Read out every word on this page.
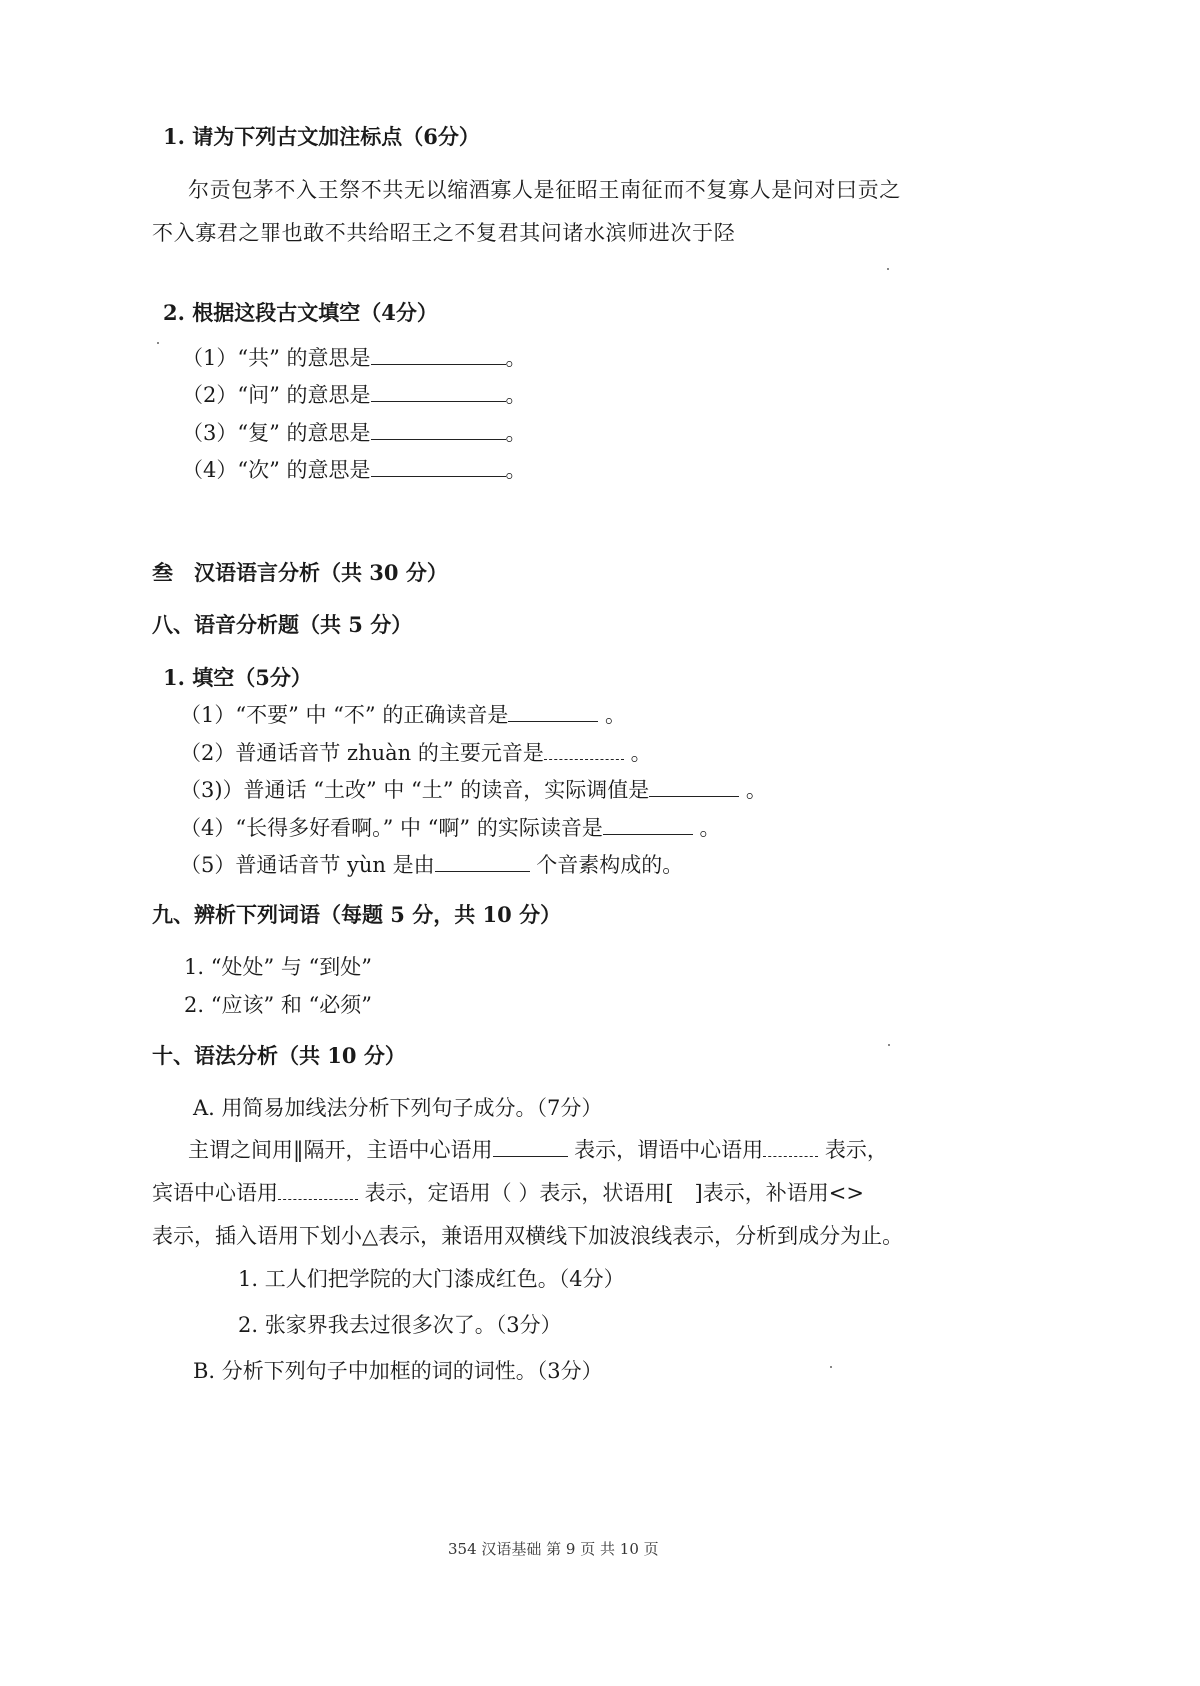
1. 请为下列古文加注标点（6分）
尔贡包茅不入王祭不共无以缩酒寡人是征昭王南征而不复寡人是问对曰贡之
不入寡君之罪也敢不共给昭王之不复君其问诸水滨师进次于陉
2. 根据这段古文填空（4分）
（1）“共” 的意思是	。
（2）“问” 的意思是	。
（3）“复” 的意思是	。
（4）“次” 的意思是	。
叁　汉语语言分析（共 30 分）
八、语音分析题（共 5 分）
1. 填空（5分）
（1）“不要” 中 “不” 的正确读音是	。
（2）普通话音节 zhuàn 的主要元音是	。
（3)）普通话 “土改” 中 “土” 的读音，实际调值是	。
（4）“长得多好看啊。” 中 “啊” 的实际读音是	。
（5）普通话音节 yùn 是由	个音素构成的。
九、辨析下列词语（每题 5 分，共 10 分）
1. “处处” 与 “到处”
2. “应该” 和 “必须”
十、语法分析（共 10 分）
A. 用简易加线法分析下列句子成分。（7分）
主谓之间用‖隔开，主语中心语用	表示，谓语中心语用	表示，
宾语中心语用	表示，定语用（ ）表示，状语用[　]表示，补语用<>
表示，插入语用下划小△表示，兼语用双横线下加波浪线表示，分析到成分为止。
1. 工人们把学院的大门漆成红色。（4分）
2. 张家界我去过很多次了。（3分）
B. 分析下列句子中加框的词的词性。（3分）
354 汉语基础 第 9 页 共 10 页
